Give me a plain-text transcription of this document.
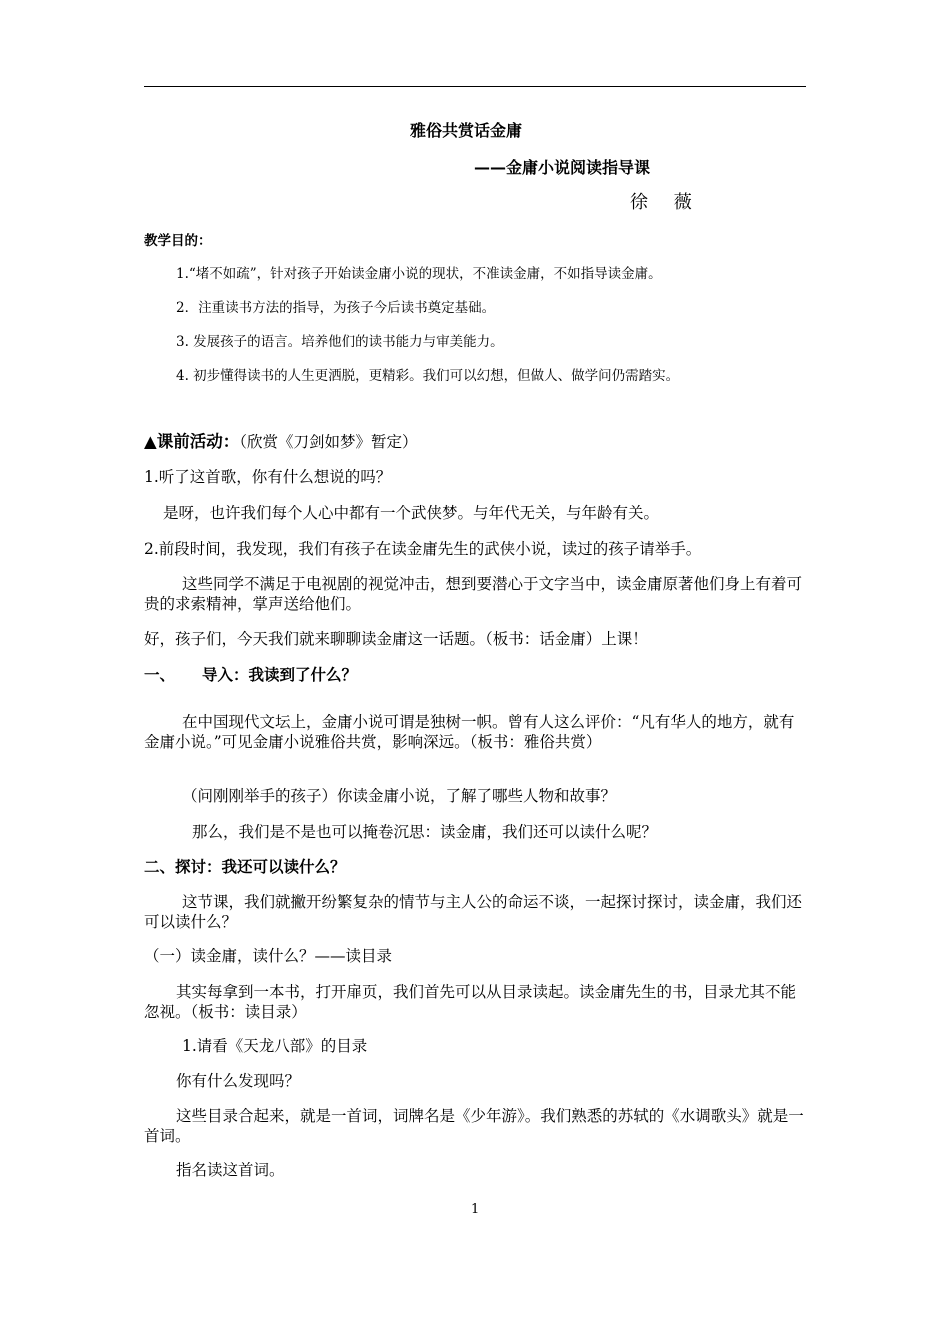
雅俗共赏话金庸
——金庸小说阅读指导课
徐 薇
教学目的：
1.“堵不如疏”，针对孩子开始读金庸小说的现状，不准读金庸，不如指导读金庸。
2．注重读书方法的指导，为孩子今后读书奠定基础。
3. 发展孩子的语言。培养他们的读书能力与审美能力。
4. 初步懂得读书的人生更洒脱，更精彩。我们可以幻想，但做人、做学问仍需踏实。
▲课前活动：（欣赏《刀剑如梦》暂定）
1.听了这首歌，你有什么想说的吗？
是呀，也许我们每个人心中都有一个武侠梦。与年代无关，与年龄有关。
2.前段时间，我发现，我们有孩子在读金庸先生的武侠小说，读过的孩子请举手。
这些同学不满足于电视剧的视觉冲击，想到要潜心于文字当中，读金庸原著他们身上有着可贵的求索精神，掌声送给他们。
好，孩子们，今天我们就来聊聊读金庸这一话题。（板书：话金庸）上课！
一、 导入：我读到了什么？
在中国现代文坛上，金庸小说可谓是独树一帜。曾有人这么评价：“凡有华人的地方，就有金庸小说。”可见金庸小说雅俗共赏，影响深远。（板书：雅俗共赏）
（问刚刚举手的孩子）你读金庸小说，了解了哪些人物和故事？
那么，我们是不是也可以掩卷沉思：读金庸，我们还可以读什么呢？
二、探讨：我还可以读什么？
这节课，我们就撇开纷繁复杂的情节与主人公的命运不谈，一起探讨探讨，读金庸，我们还可以读什么？
（一）读金庸，读什么？——读目录
其实每拿到一本书，打开扉页，我们首先可以从目录读起。读金庸先生的书，目录尤其不能忽视。（板书：读目录）
1.请看《天龙八部》的目录
你有什么发现吗？
这些目录合起来，就是一首词，词牌名是《少年游》。我们熟悉的苏轼的《水调歌头》就是一首词。
指名读这首词。
1
